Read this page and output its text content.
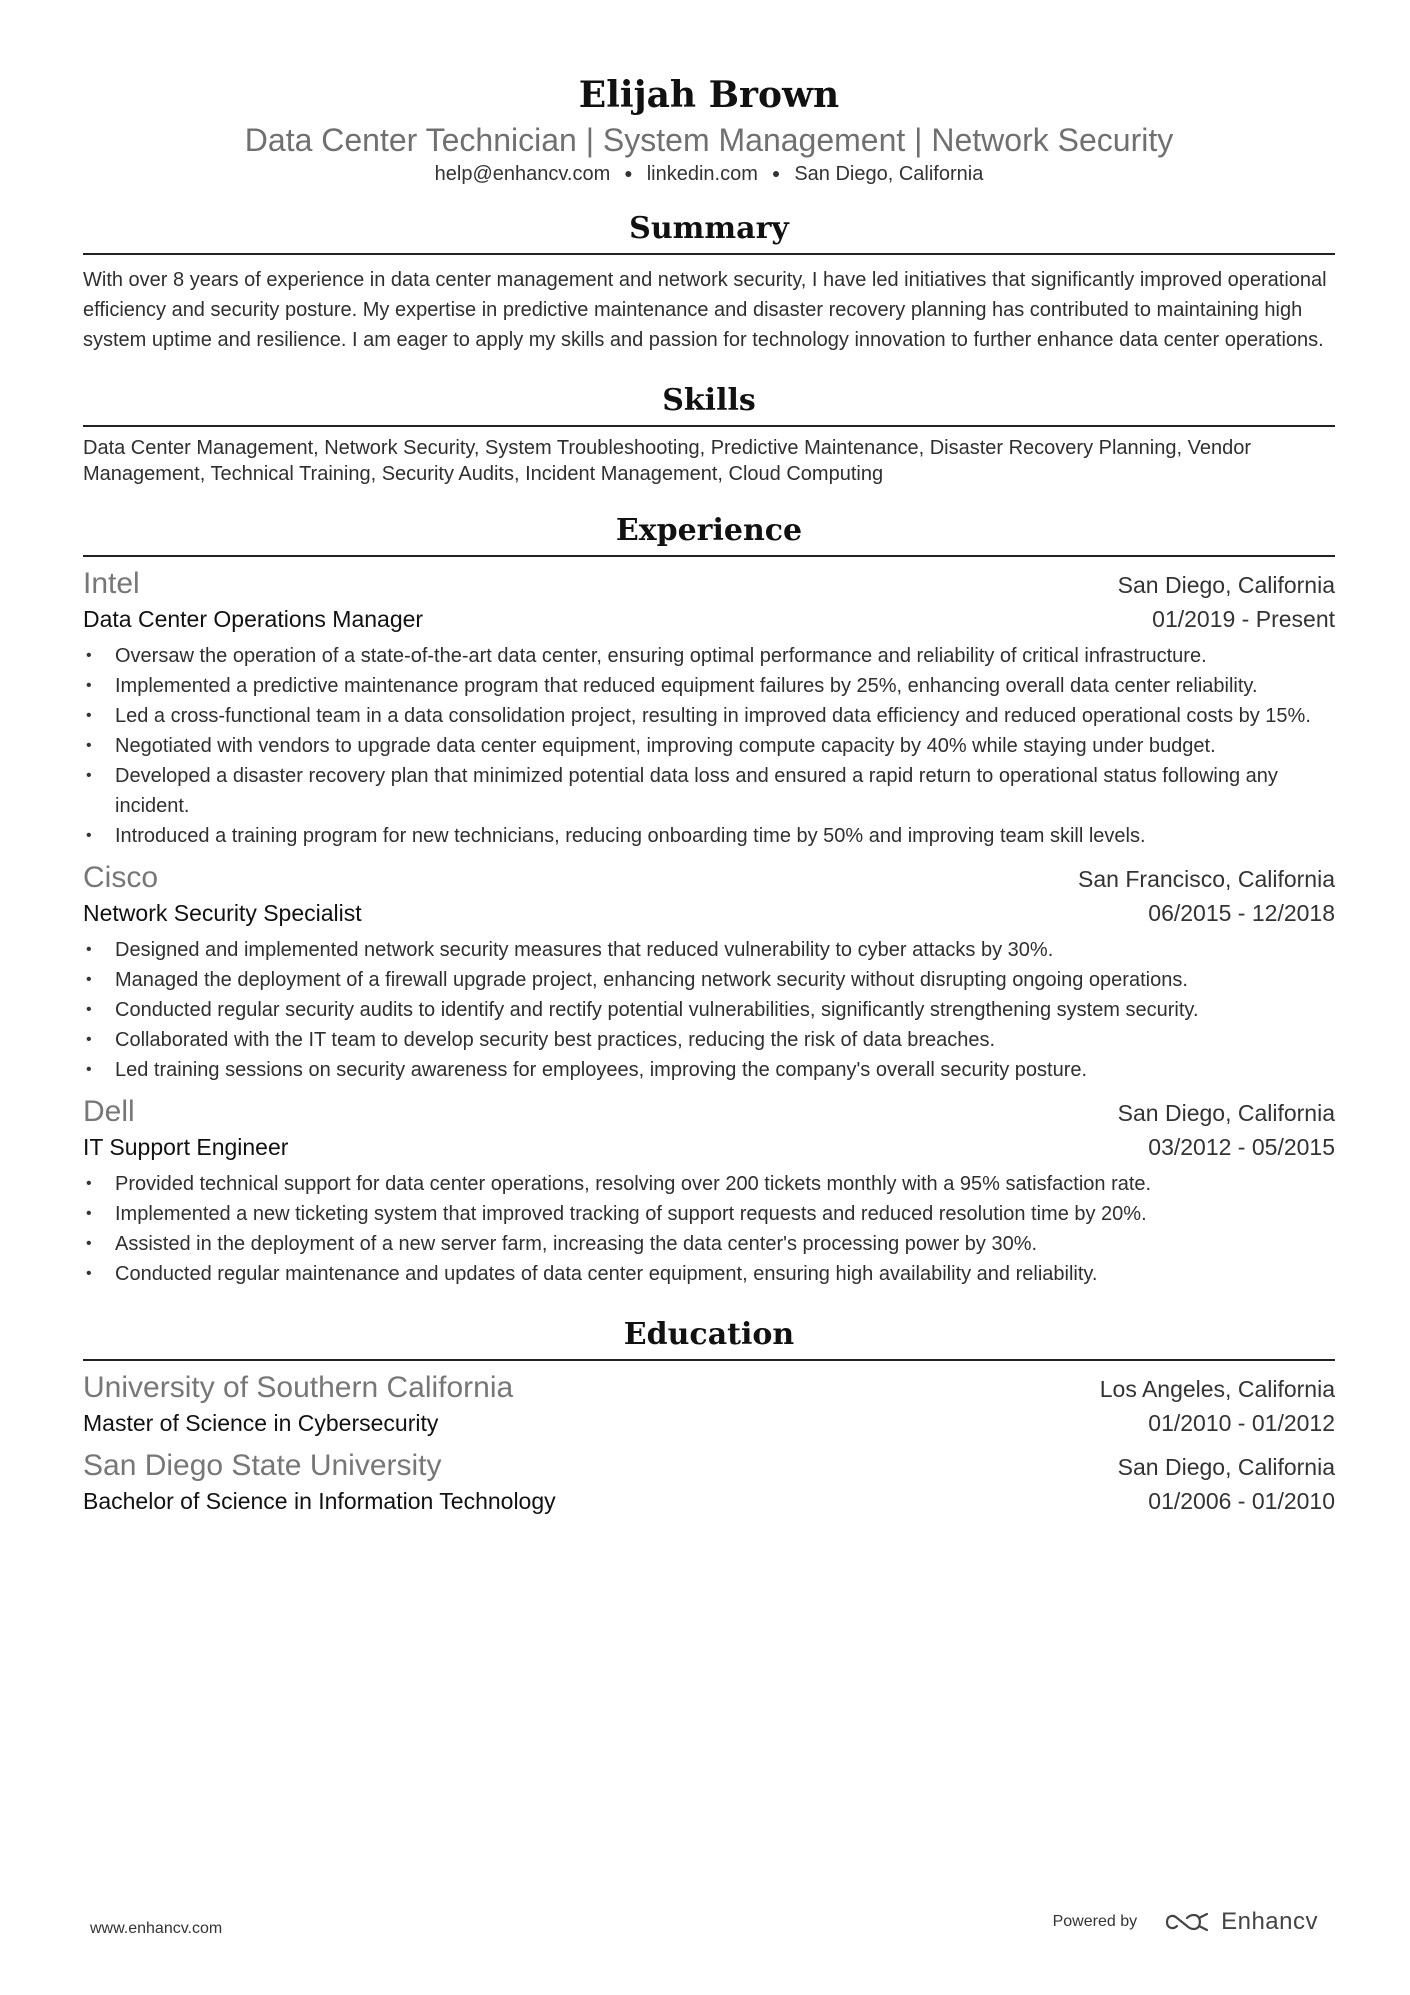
Elijah Brown
Data Center Technician | System Management | Network Security
help@enhancv.com ● linkedin.com ● San Diego, California
Summary
With over 8 years of experience in data center management and network security, I have led initiatives that significantly improved operational efficiency and security posture. My expertise in predictive maintenance and disaster recovery planning has contributed to maintaining high system uptime and resilience. I am eager to apply my skills and passion for technology innovation to further enhance data center operations.
Skills
Data Center Management, Network Security, System Troubleshooting, Predictive Maintenance, Disaster Recovery Planning, Vendor Management, Technical Training, Security Audits, Incident Management, Cloud Computing
Experience
Intel	San Diego, California
Data Center Operations Manager	01/2019 - Present
• Oversaw the operation of a state-of-the-art data center, ensuring optimal performance and reliability of critical infrastructure.
• Implemented a predictive maintenance program that reduced equipment failures by 25%, enhancing overall data center reliability.
• Led a cross-functional team in a data consolidation project, resulting in improved data efficiency and reduced operational costs by 15%.
• Negotiated with vendors to upgrade data center equipment, improving compute capacity by 40% while staying under budget.
• Developed a disaster recovery plan that minimized potential data loss and ensured a rapid return to operational status following any incident.
• Introduced a training program for new technicians, reducing onboarding time by 50% and improving team skill levels.
Cisco	San Francisco, California
Network Security Specialist	06/2015 - 12/2018
• Designed and implemented network security measures that reduced vulnerability to cyber attacks by 30%.
• Managed the deployment of a firewall upgrade project, enhancing network security without disrupting ongoing operations.
• Conducted regular security audits to identify and rectify potential vulnerabilities, significantly strengthening system security.
• Collaborated with the IT team to develop security best practices, reducing the risk of data breaches.
• Led training sessions on security awareness for employees, improving the company's overall security posture.
Dell	San Diego, California
IT Support Engineer	03/2012 - 05/2015
• Provided technical support for data center operations, resolving over 200 tickets monthly with a 95% satisfaction rate.
• Implemented a new ticketing system that improved tracking of support requests and reduced resolution time by 20%.
• Assisted in the deployment of a new server farm, increasing the data center's processing power by 30%.
• Conducted regular maintenance and updates of data center equipment, ensuring high availability and reliability.
Education
University of Southern California	Los Angeles, California
Master of Science in Cybersecurity	01/2010 - 01/2012
San Diego State University	San Diego, California
Bachelor of Science in Information Technology	01/2006 - 01/2010
www.enhancv.com	Powered by	Enhancv
